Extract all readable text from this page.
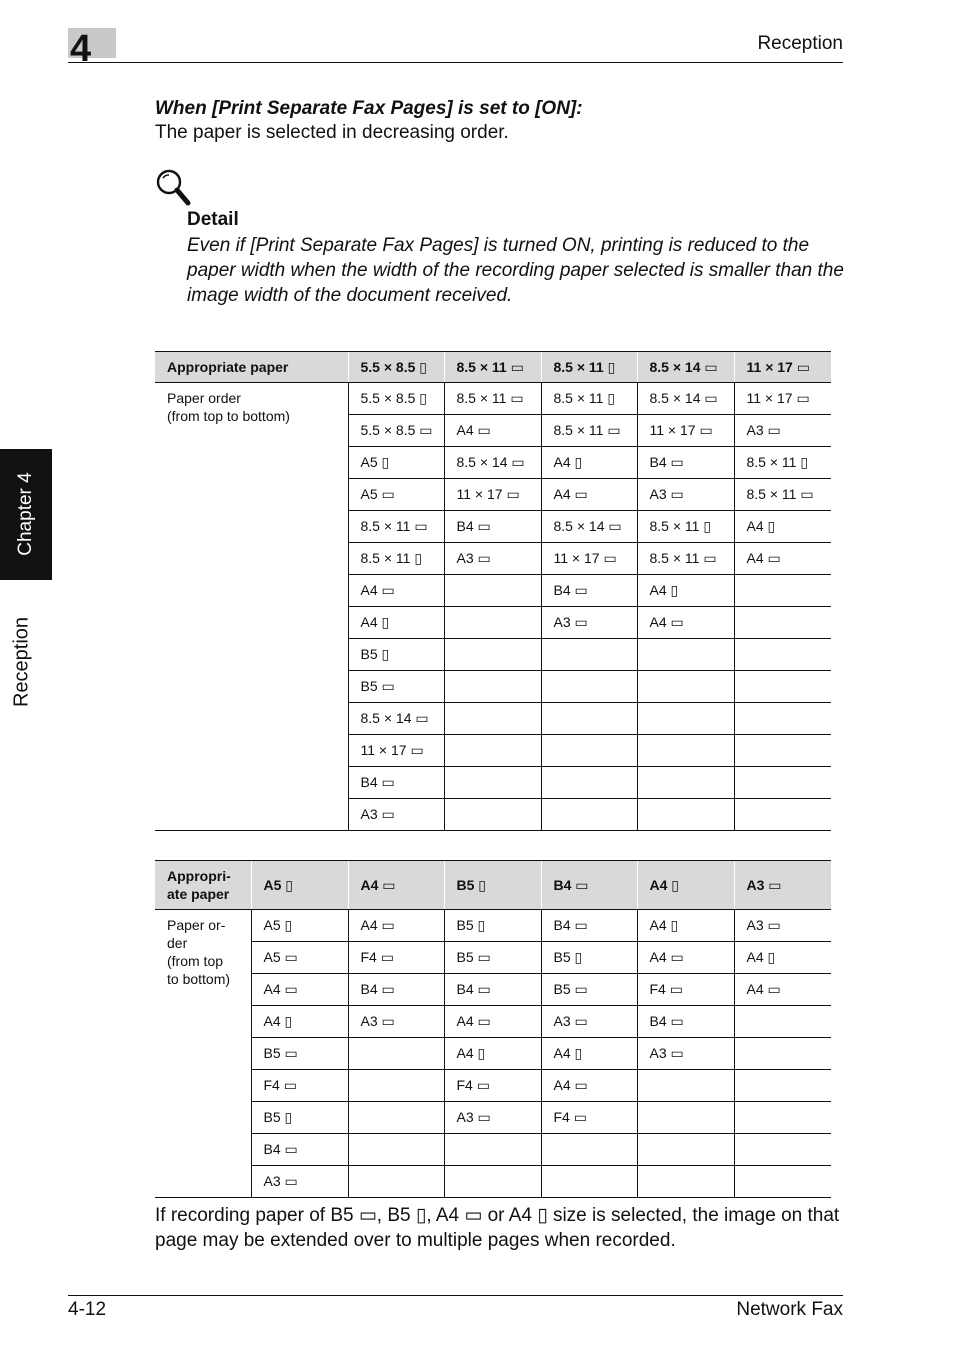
4	Reception
Chapter 4
Reception
When [Print Separate Fax Pages] is set to [ON]:
The paper is selected in decreasing order.
Detail
Even if [Print Separate Fax Pages] is turned ON, printing is reduced to the paper width when the width of the recording paper selected is smaller than the image width of the document received.
Appropriate paper	5.5 × 8.5 ▯	8.5 × 11 ▭	8.5 × 11 ▯	8.5 × 14 ▭	11 × 17 ▭
Paper order
(from top to bottom)	5.5 × 8.5 ▯	8.5 × 11 ▭	8.5 × 11 ▯	8.5 × 14 ▭	11 × 17 ▭
	5.5 × 8.5 ▭	A4 ▭	8.5 × 11 ▭	11 × 17 ▭	A3 ▭
	A5 ▯	8.5 × 14 ▭	A4 ▯	B4 ▭	8.5 × 11 ▯
	A5 ▭	11 × 17 ▭	A4 ▭	A3 ▭	8.5 × 11 ▭
	8.5 × 11 ▭	B4 ▭	8.5 × 14 ▭	8.5 × 11 ▯	A4 ▯
	8.5 × 11 ▯	A3 ▭	11 × 17 ▭	8.5 × 11 ▭	A4 ▭
	A4 ▭		B4 ▭	A4 ▯	
	A4 ▯		A3 ▭	A4 ▭	
	B5 ▯				
	B5 ▭				
	8.5 × 14 ▭				
	11 × 17 ▭				
	B4 ▭				
	A3 ▭				
Appropri-
ate paper	A5 ▯	A4 ▭	B5 ▯	B4 ▭	A4 ▯	A3 ▭
Paper or-
der
(from top
to bottom)	A5 ▯	A4 ▭	B5 ▯	B4 ▭	A4 ▯	A3 ▭
	A5 ▭	F4 ▭	B5 ▭	B5 ▯	A4 ▭	A4 ▯
	A4 ▭	B4 ▭	B4 ▭	B5 ▭	F4 ▭	A4 ▭
	A4 ▯	A3 ▭	A4 ▭	A3 ▭	B4 ▭	
	B5 ▭		A4 ▯	A4 ▯	A3 ▭	
	F4 ▭		F4 ▭	A4 ▭		
	B5 ▯		A3 ▭	F4 ▭		
	B4 ▭					
	A3 ▭					
If recording paper of B5 ▭, B5 ▯, A4 ▭ or A4 ▯ size is selected, the image on that page may be extended over to multiple pages when recorded.
4-12	Network Fax
